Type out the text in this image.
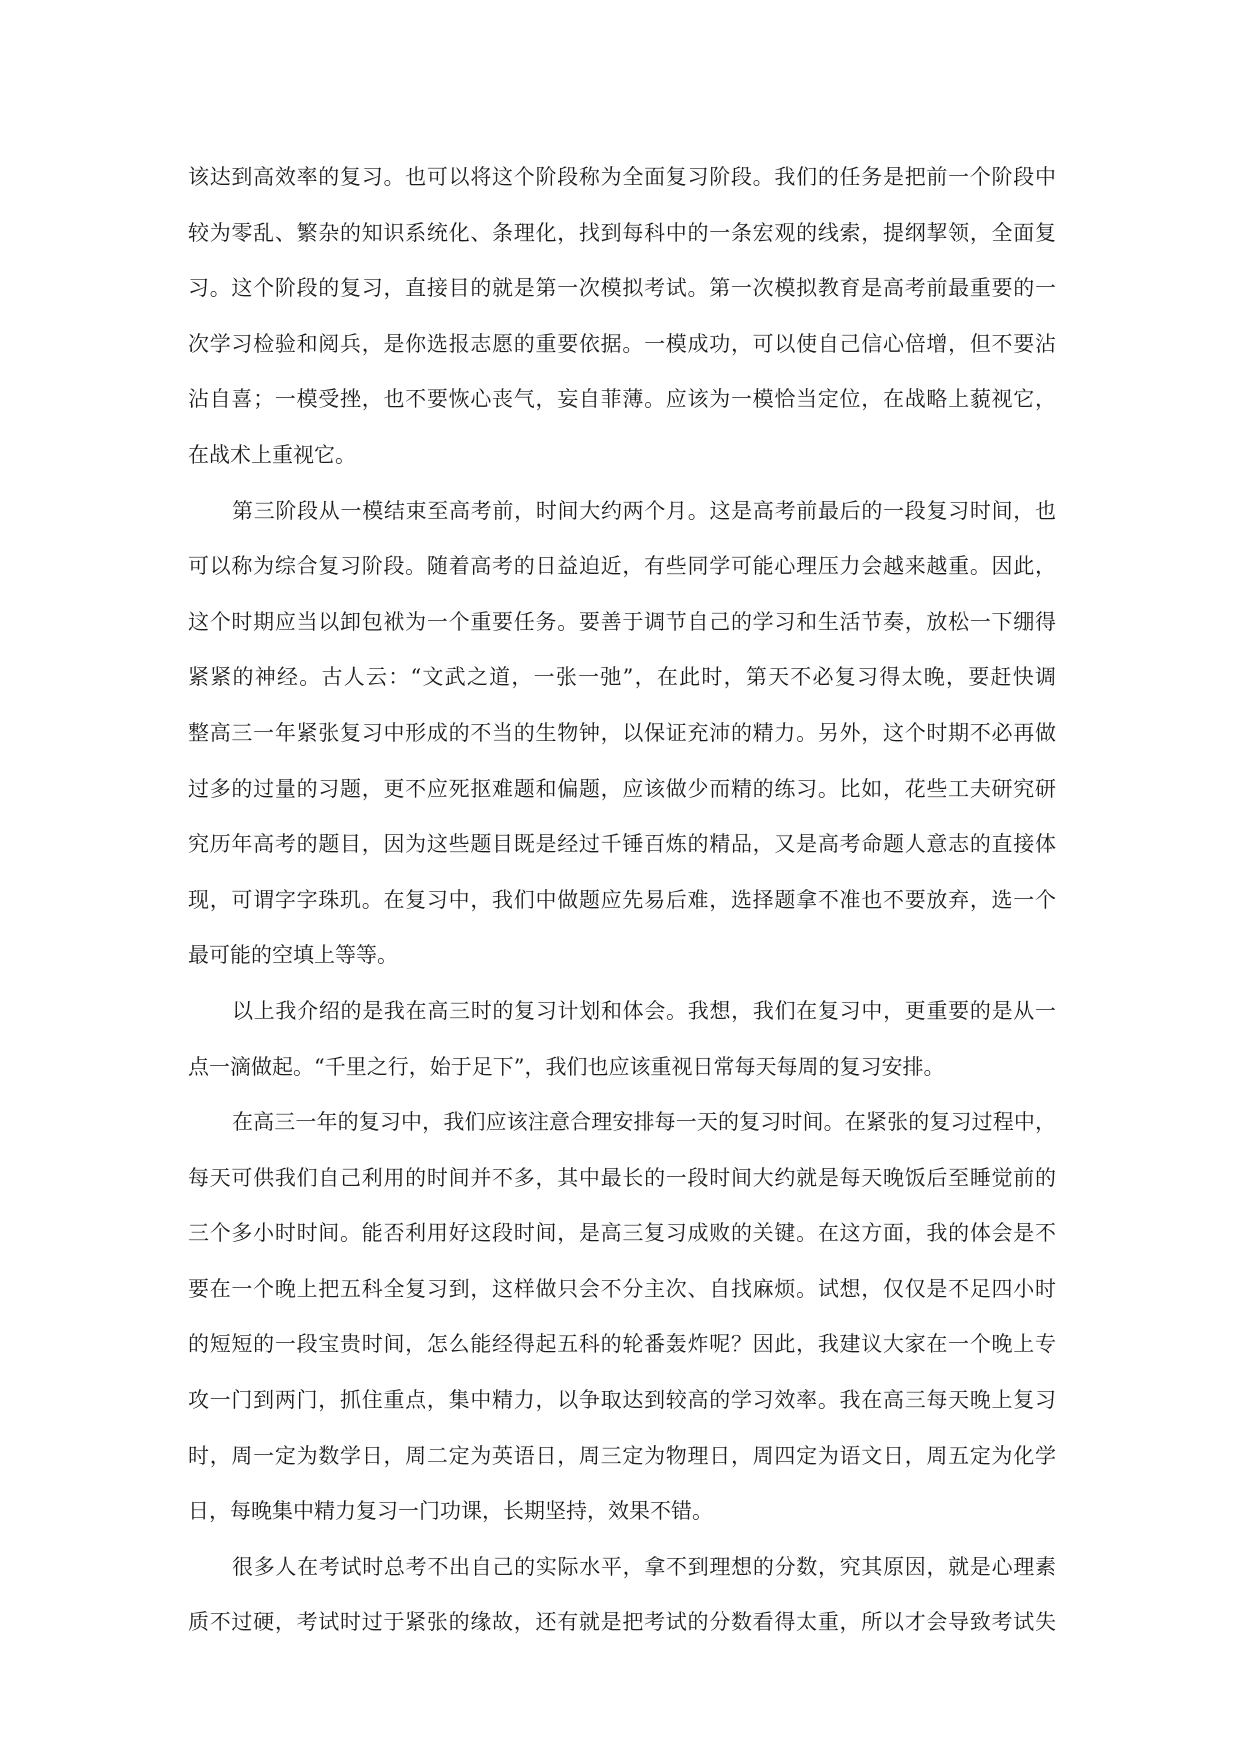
该达到高效率的复习。也可以将这个阶段称为全面复习阶段。我们的任务是把前一个阶段中
较为零乱、繁杂的知识系统化、条理化，找到每科中的一条宏观的线索，提纲挈领，全面复
习。这个阶段的复习，直接目的就是第一次模拟考试。第一次模拟教育是高考前最重要的一
次学习检验和阅兵，是你选报志愿的重要依据。一模成功，可以使自己信心倍增，但不要沾
沾自喜；一模受挫，也不要恢心丧气，妄自菲薄。应该为一模恰当定位，在战略上藐视它，
在战术上重视它。
第三阶段从一模结束至高考前，时间大约两个月。这是高考前最后的一段复习时间，也
可以称为综合复习阶段。随着高考的日益迫近，有些同学可能心理压力会越来越重。因此，
这个时期应当以卸包袱为一个重要任务。要善于调节自己的学习和生活节奏，放松一下绷得
紧紧的神经。古人云：“文武之道，一张一弛”，在此时，第天不必复习得太晚，要赶快调
整高三一年紧张复习中形成的不当的生物钟，以保证充沛的精力。另外，这个时期不必再做
过多的过量的习题，更不应死抠难题和偏题，应该做少而精的练习。比如，花些工夫研究研
究历年高考的题目，因为这些题目既是经过千锤百炼的精品，又是高考命题人意志的直接体
现，可谓字字珠玑。在复习中，我们中做题应先易后难，选择题拿不准也不要放弃，选一个
最可能的空填上等等。
以上我介绍的是我在高三时的复习计划和体会。我想，我们在复习中，更重要的是从一
点一滴做起。“千里之行，始于足下”，我们也应该重视日常每天每周的复习安排。
在高三一年的复习中，我们应该注意合理安排每一天的复习时间。在紧张的复习过程中，
每天可供我们自己利用的时间并不多，其中最长的一段时间大约就是每天晚饭后至睡觉前的
三个多小时时间。能否利用好这段时间，是高三复习成败的关键。在这方面，我的体会是不
要在一个晚上把五科全复习到，这样做只会不分主次、自找麻烦。试想，仅仅是不足四小时
的短短的一段宝贵时间，怎么能经得起五科的轮番轰炸呢？因此，我建议大家在一个晚上专
攻一门到两门，抓住重点，集中精力，以争取达到较高的学习效率。我在高三每天晚上复习
时，周一定为数学日，周二定为英语日，周三定为物理日，周四定为语文日，周五定为化学
日，每晚集中精力复习一门功课，长期坚持，效果不错。
很多人在考试时总考不出自己的实际水平，拿不到理想的分数，究其原因，就是心理素
质不过硬，考试时过于紧张的缘故，还有就是把考试的分数看得太重，所以才会导致考试失
